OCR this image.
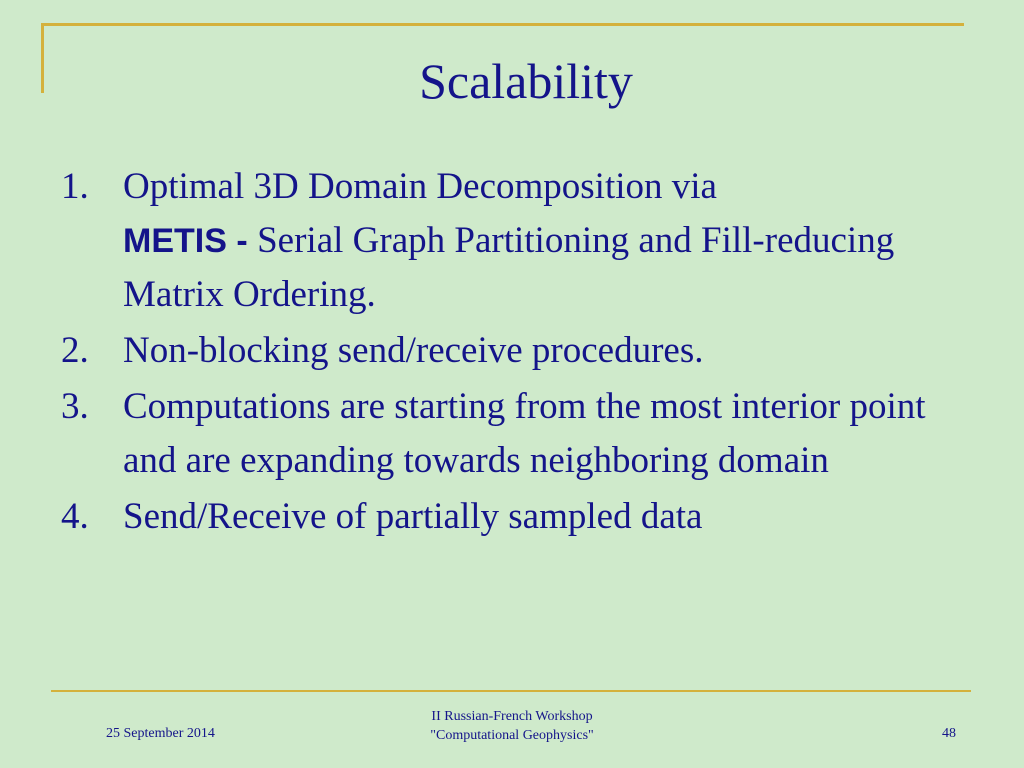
Scalability
1. Optimal 3D Domain Decomposition via
METIS - Serial Graph Partitioning and Fill-reducing Matrix Ordering.
2. Non-blocking send/receive procedures.
3. Computations are starting from the most interior point and are expanding towards neighboring domain
4. Send/Receive of partially sampled data
25 September 2014
II Russian-French Workshop
"Computational Geophysics"	48
